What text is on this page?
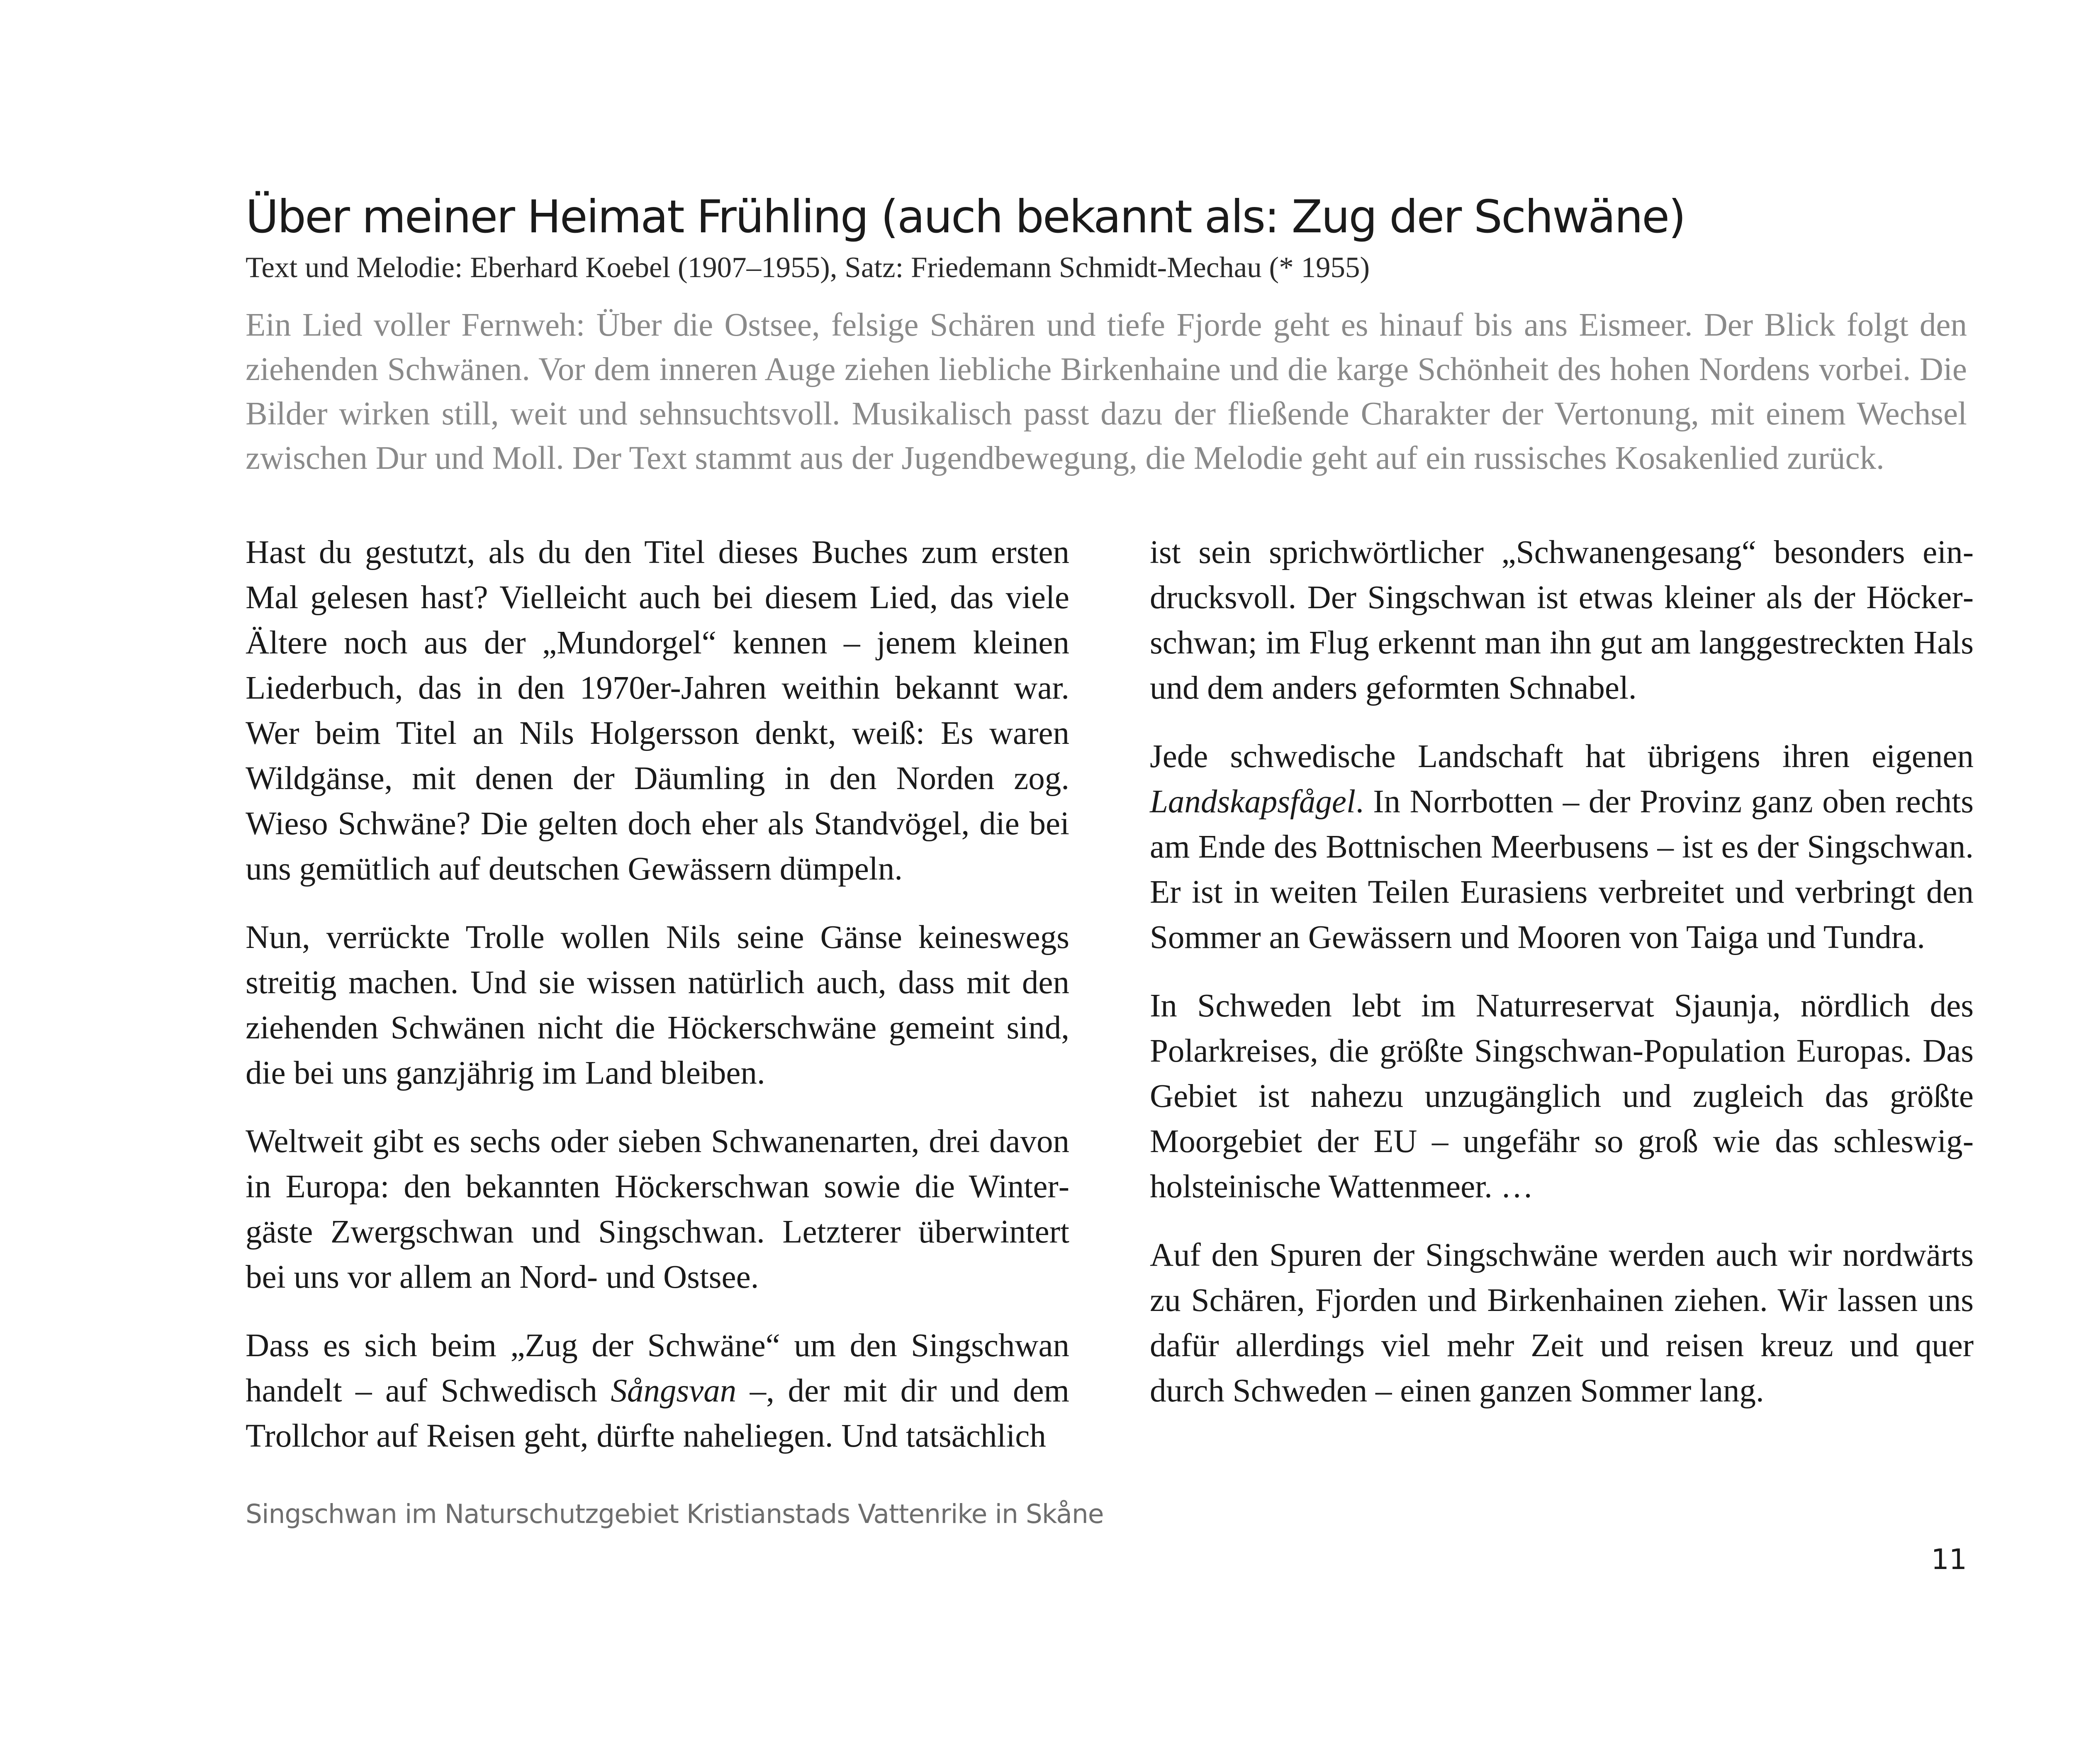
Über meiner Heimat Frühling (auch bekannt als: Zug der Schwäne)
Text und Melodie: Eberhard Koebel (1907–1955), Satz: Friedemann Schmidt-Mechau (* 1955)

Ein Lied voller Fernweh: Über die Ostsee, felsige Schären und tiefe Fjorde geht es hinauf bis ans Eismeer. Der Blick folgt den ziehenden Schwänen. Vor dem inneren Auge ziehen liebliche Birkenhaine und die karge Schönheit des hohen Nordens vorbei. Die Bilder wirken still, weit und sehnsuchtsvoll. Musikalisch passt dazu der fließende Charakter der Vertonung, mit einem Wechsel zwischen Dur und Moll. Der Text stammt aus der Jugendbewegung, die Melodie geht auf ein russisches Kosakenlied zurück.

Hast du gestutzt, als du den Titel dieses Buches zum ersten Mal gelesen hast? Vielleicht auch bei diesem Lied, das viele Ältere noch aus der „Mundorgel“ kennen – jenem kleinen Liederbuch, das in den 1970er-Jahren weithin bekannt war. Wer beim Titel an Nils Holgersson denkt, weiß: Es waren Wildgänse, mit denen der Däumling in den Norden zog. Wieso Schwäne? Die gelten doch eher als Standvögel, die bei uns gemütlich auf deutschen Gewässern dümpeln.

Nun, verrückte Trolle wollen Nils seine Gänse keineswegs streitig machen. Und sie wissen natürlich auch, dass mit den ziehenden Schwänen nicht die Höckerschwäne gemeint sind, die bei uns ganzjährig im Land bleiben.

Weltweit gibt es sechs oder sieben Schwanenarten, drei davon in Europa: den bekannten Höckerschwan sowie die Wintergäste Zwergschwan und Singschwan. Letzterer überwintert bei uns vor allem an Nord- und Ostsee.

Dass es sich beim „Zug der Schwäne“ um den Singschwan handelt – auf Schwedisch Sångsvan –, der mit dir und dem Trollchor auf Reisen geht, dürfte naheliegen. Und tatsächlich

ist sein sprichwörtlicher „Schwanengesang“ besonders eindrucksvoll. Der Singschwan ist etwas kleiner als der Höckerschwan; im Flug erkennt man ihn gut am langgestreckten Hals und dem anders geformten Schnabel.

Jede schwedische Landschaft hat übrigens ihren eigenen Landskapsfågel. In Norrbotten – der Provinz ganz oben rechts am Ende des Bottnischen Meerbusens – ist es der Singschwan. Er ist in weiten Teilen Eurasiens verbreitet und verbringt den Sommer an Gewässern und Mooren von Taiga und Tundra.

In Schweden lebt im Naturreservat Sjaunja, nördlich des Polarkreises, die größte Singschwan-Population Europas. Das Gebiet ist nahezu unzugänglich und zugleich das größte Moorgebiet der EU – ungefähr so groß wie das schleswigholsteinische Wattenmeer. …

Auf den Spuren der Singschwäne werden auch wir nordwärts zu Schären, Fjorden und Birkenhainen ziehen. Wir lassen uns dafür allerdings viel mehr Zeit und reisen kreuz und quer durch Schweden – einen ganzen Sommer lang.

Singschwan im Naturschutzgebiet Kristianstads Vattenrike in Skåne
11
